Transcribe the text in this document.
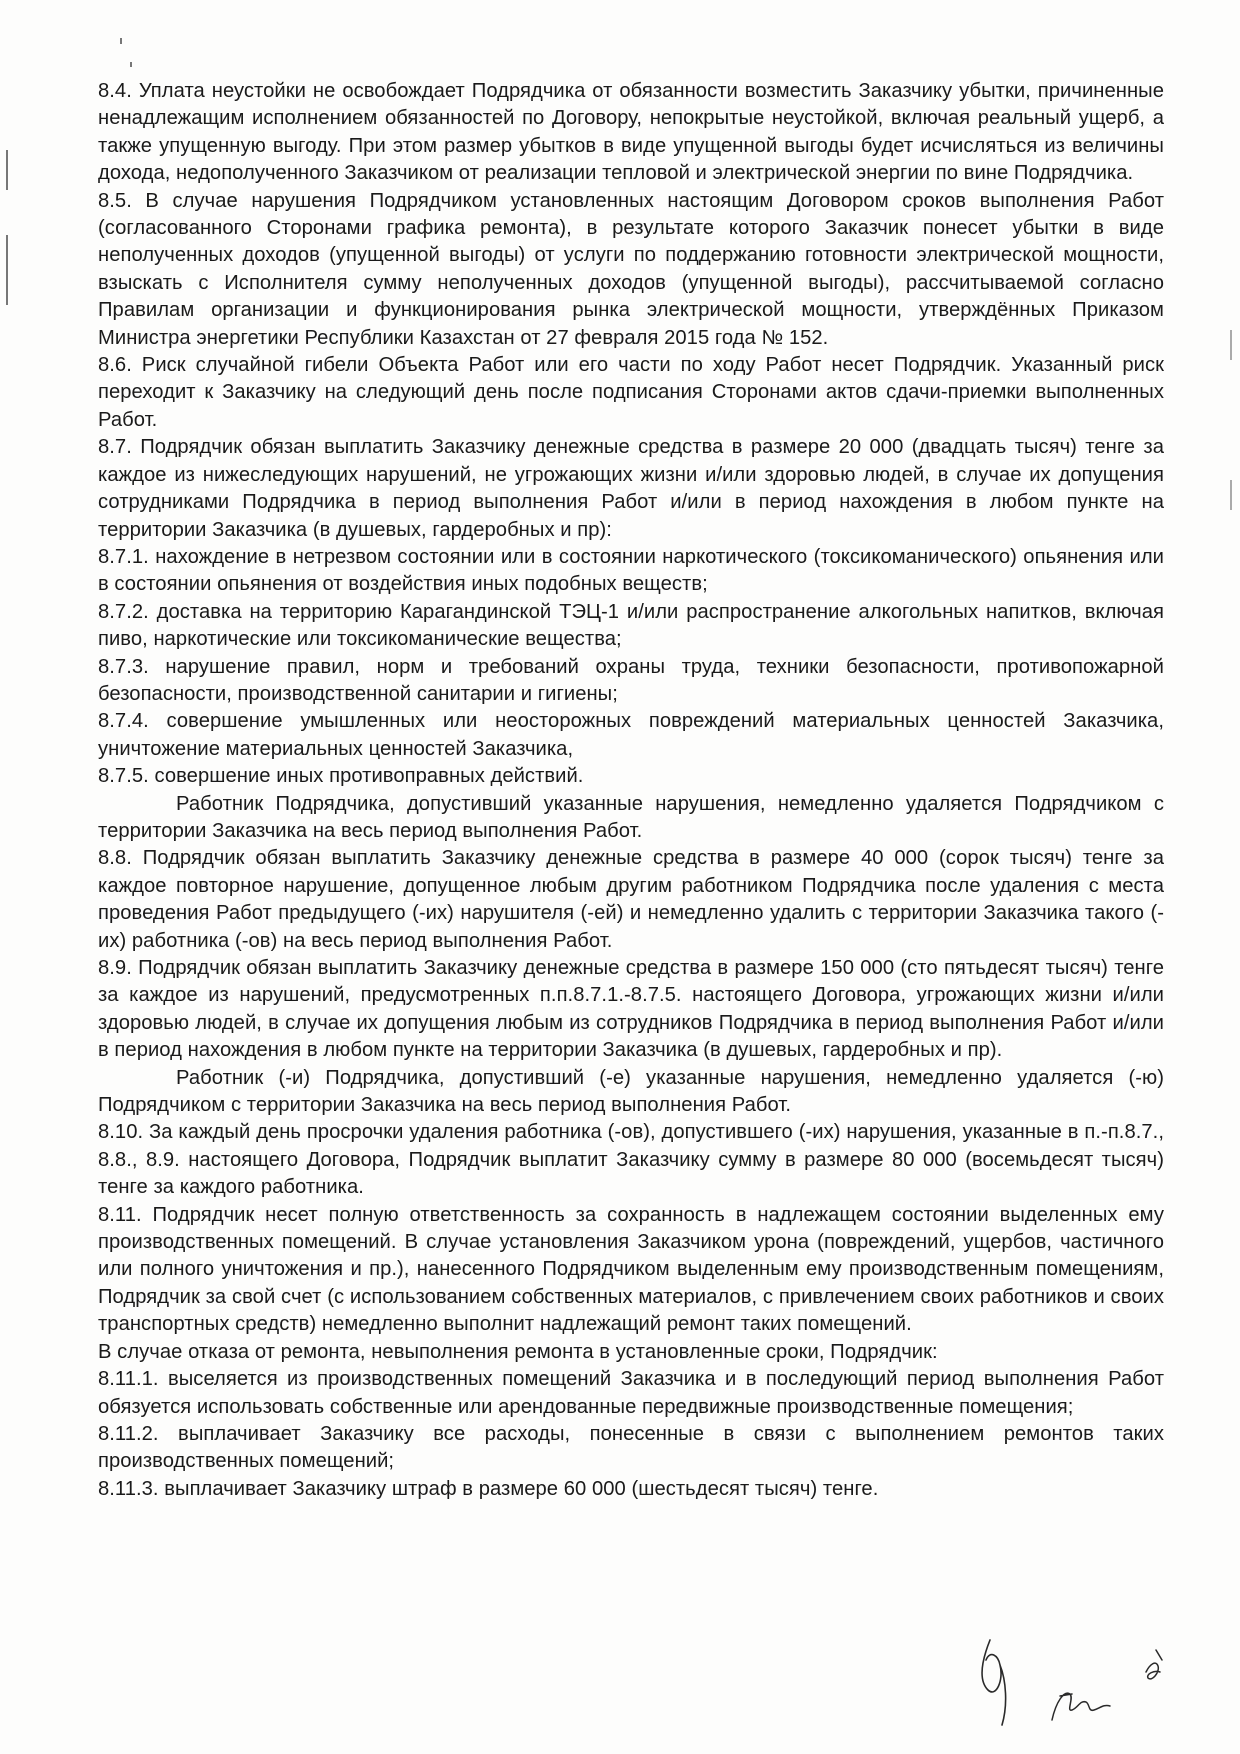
8.4. Уплата неустойки не освобождает Подрядчика от обязанности возместить Заказчику убытки, причиненные ненадлежащим исполнением обязанностей по Договору, непокрытые неустойкой, включая реальный ущерб, а также упущенную выгоду. При этом размер убытков в виде упущенной выгоды будет исчисляться из величины дохода, недополученного Заказчиком от реализации тепловой и электрической энергии по вине Подрядчика.

8.5. В случае нарушения Подрядчиком установленных настоящим Договором сроков выполнения Работ (согласованного Сторонами графика ремонта), в результате которого Заказчик понесет убытки в виде неполученных доходов (упущенной выгоды) от услуги по поддержанию готовности электрической мощности, взыскать с Исполнителя сумму неполученных доходов (упущенной выгоды), рассчитываемой согласно Правилам организации и функционирования рынка электрической мощности, утверждённых Приказом Министра энергетики Республики Казахстан от 27 февраля 2015 года № 152.

8.6. Риск случайной гибели Объекта Работ или его части по ходу Работ несет Подрядчик. Указанный риск переходит к Заказчику на следующий день после подписания Сторонами актов сдачи-приемки выполненных Работ.

8.7. Подрядчик обязан выплатить Заказчику денежные средства в размере 20 000 (двадцать тысяч) тенге за каждое из нижеследующих нарушений, не угрожающих жизни и/или здоровью людей, в случае их допущения сотрудниками Подрядчика в период выполнения Работ и/или в период нахождения в любом пункте на территории Заказчика (в душевых, гардеробных и пр):

8.7.1. нахождение в нетрезвом состоянии или в состоянии наркотического (токсикоманического) опьянения или в состоянии опьянения от воздействия иных подобных веществ;

8.7.2. доставка на территорию Карагандинской ТЭЦ-1 и/или распространение алкогольных напитков, включая пиво, наркотические или токсикоманические вещества;

8.7.3. нарушение правил, норм и требований охраны труда, техники безопасности, противопожарной безопасности, производственной санитарии и гигиены;

8.7.4. совершение умышленных или неосторожных повреждений материальных ценностей Заказчика, уничтожение материальных ценностей Заказчика,

8.7.5. совершение иных противоправных действий.

Работник Подрядчика, допустивший указанные нарушения, немедленно удаляется Подрядчиком с территории Заказчика на весь период выполнения Работ.

8.8. Подрядчик обязан выплатить Заказчику денежные средства в размере 40 000 (сорок тысяч) тенге за каждое повторное нарушение, допущенное любым другим работником Подрядчика после удаления с места проведения Работ предыдущего (-их) нарушителя (-ей) и немедленно удалить с территории Заказчика такого (-их) работника (-ов) на весь период выполнения Работ.

8.9. Подрядчик обязан выплатить Заказчику денежные средства в размере 150 000 (сто пятьдесят тысяч) тенге за каждое из нарушений, предусмотренных п.п.8.7.1.-8.7.5. настоящего Договора, угрожающих жизни и/или здоровью людей, в случае их допущения любым из сотрудников Подрядчика в период выполнения Работ и/или в период нахождения в любом пункте на территории Заказчика (в душевых, гардеробных и пр).

Работник (-и) Подрядчика, допустивший (-е) указанные нарушения, немедленно удаляется (-ю) Подрядчиком с территории Заказчика на весь период выполнения Работ.

8.10. За каждый день просрочки удаления работника (-ов), допустившего (-их) нарушения, указанные в п.-п.8.7., 8.8., 8.9. настоящего Договора, Подрядчик выплатит Заказчику сумму в размере 80 000 (восемьдесят тысяч) тенге за каждого работника.

8.11. Подрядчик несет полную ответственность за сохранность в надлежащем состоянии выделенных ему производственных помещений. В случае установления Заказчиком урона (повреждений, ущербов, частичного или полного уничтожения и пр.), нанесенного Подрядчиком выделенным ему производственным помещениям, Подрядчик за свой счет (с использованием собственных материалов, с привлечением своих работников и своих транспортных средств) немедленно выполнит надлежащий ремонт таких помещений.

В случае отказа от ремонта, невыполнения ремонта в установленные сроки, Подрядчик:

8.11.1. выселяется из производственных помещений Заказчика и в последующий период выполнения Работ обязуется использовать собственные или арендованные передвижные производственные помещения;

8.11.2. выплачивает Заказчику все расходы, понесенные в связи с выполнением ремонтов таких производственных помещений;

8.11.3. выплачивает Заказчику штраф в размере 60 000 (шестьдесят тысяч) тенге.
